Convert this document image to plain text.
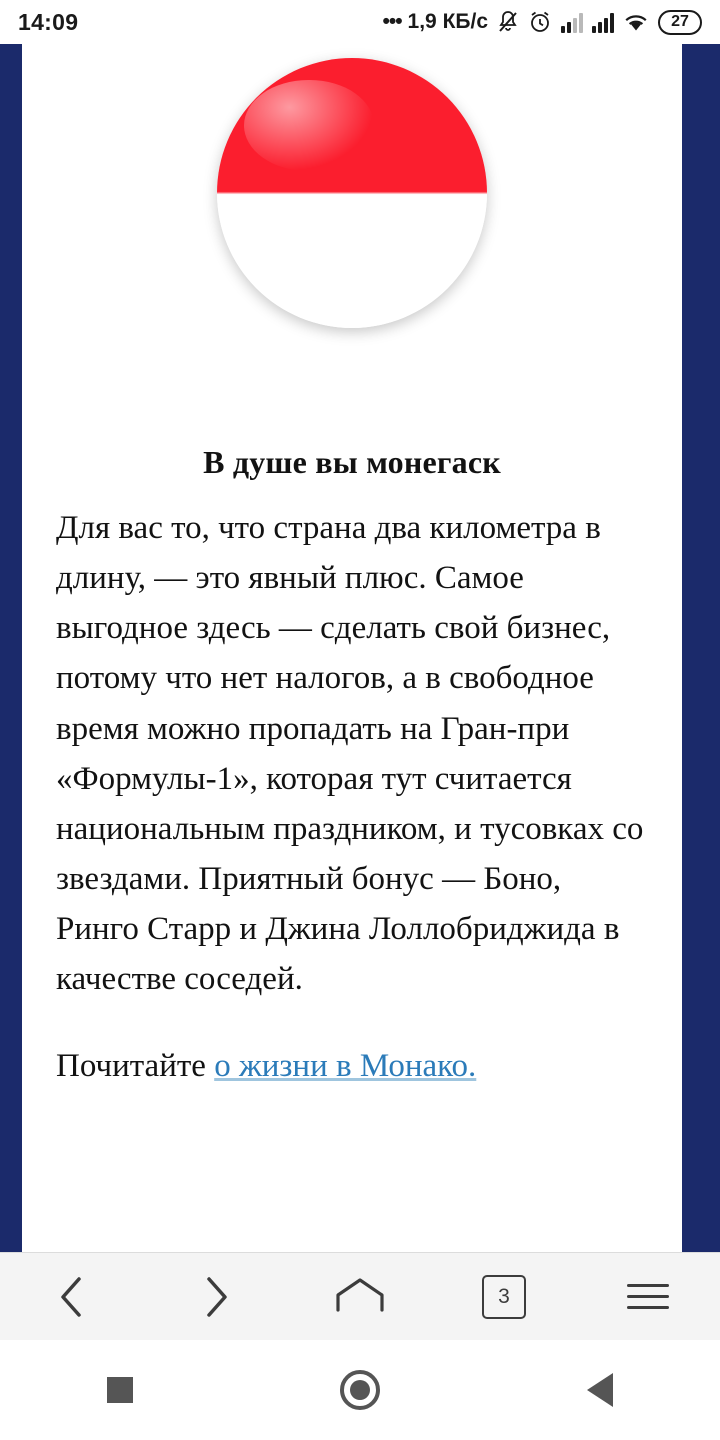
14:09	••• 1,9 КБ/с	27
В душе вы монегаск

Для вас то, что страна два километра в длину, — это явный плюс. Самое выгодное здесь — сделать свой бизнес, потому что нет налогов, а в свободное время можно пропадать на Гран-при «Формулы-1», которая тут считается национальным праздником, и тусовках со звездами. Приятный бонус — Боно, Ринго Старр и Джина Лоллобриджида в качестве соседей.

Почитайте о жизни в Монако.

3
